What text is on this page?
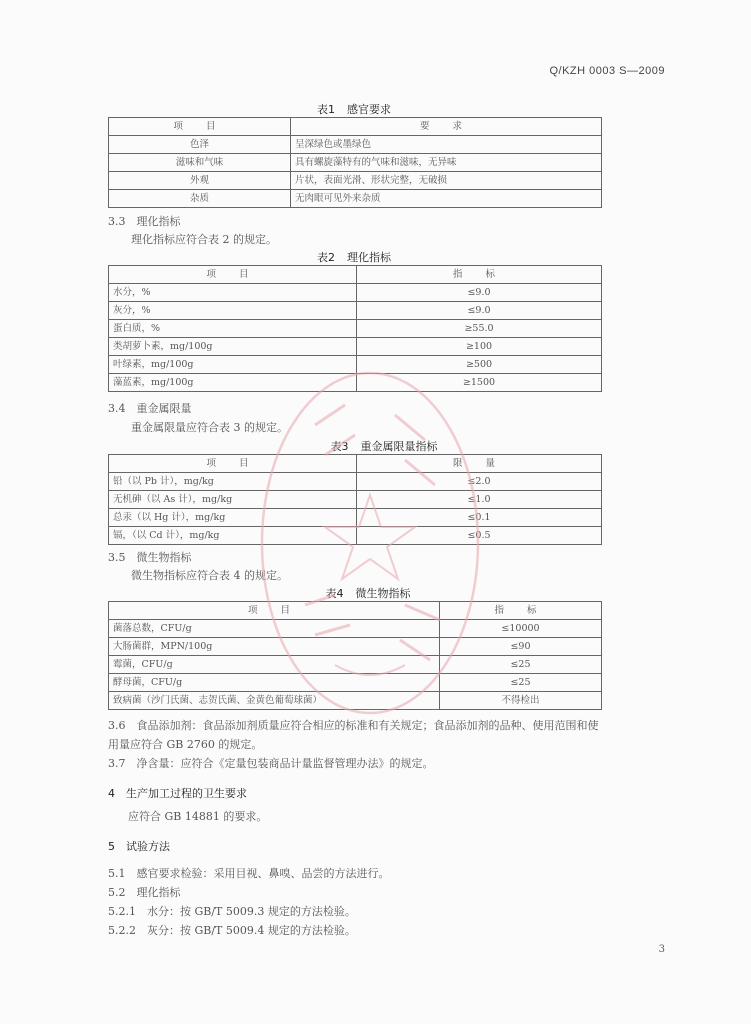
Q/KZH 0003 S—2009
表1 感官要求
项 目	要 求
色泽	呈深绿色或墨绿色
滋味和气味	具有螺旋藻特有的气味和滋味，无异味
外观	片状，表面光滑、形状完整，无破损
杂质	无肉眼可见外来杂质
3.3　理化指标
理化指标应符合表 2 的规定。
表2 理化指标
项 目	指 标
水分，%	≤9.0
灰分，%	≤9.0
蛋白质，%	≥55.0
类胡萝卜素，mg/100g	≥100
叶绿素，mg/100g	≥500
藻蓝素，mg/100g	≥1500
3.4　重金属限量
重金属限量应符合表 3 的规定。
表3 重金属限量指标
项 目	限 量
铅（以 Pb 计），mg/kg	≤2.0
无机砷（以 As 计），mg/kg	≤1.0
总汞（以 Hg 计），mg/kg	≤0.1
镉，（以 Cd 计），mg/kg	≤0.5
3.5　微生物指标
微生物指标应符合表 4 的规定。
表4 微生物指标
项 目	指 标
菌落总数，CFU/g	≤10000
大肠菌群，MPN/100g	≤90
霉菌，CFU/g	≤25
酵母菌，CFU/g	≤25
致病菌（沙门氏菌、志贺氏菌、金黄色葡萄球菌）	不得检出
3.6　食品添加剂：食品添加剂质量应符合相应的标准和有关规定；食品添加剂的品种、使用范围和使
用量应符合 GB 2760 的规定。
3.7　净含量：应符合《定量包装商品计量监督管理办法》的规定。
4　生产加工过程的卫生要求
应符合 GB 14881 的要求。
5　试验方法
5.1　感官要求检验：采用目视、鼻嗅、品尝的方法进行。
5.2　理化指标
5.2.1　水分：按 GB/T 5009.3 规定的方法检验。
5.2.2　灰分：按 GB/T 5009.4 规定的方法检验。
3
